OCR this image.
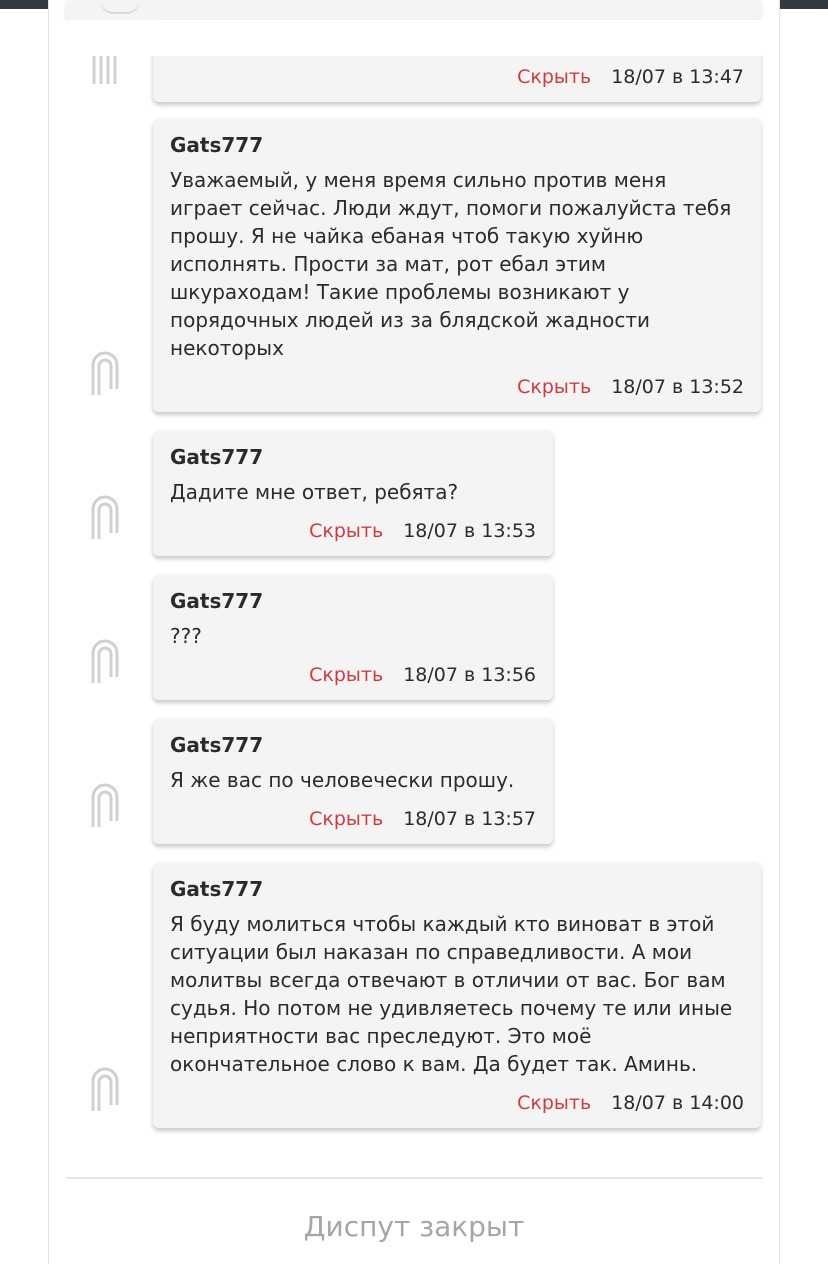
Скрыть 18/07 в 13:47
Gats777
Уважаемый, у меня время сильно против меня играет сейчас. Люди ждут, помоги пожалуйста тебя прошу. Я не чайка ебаная чтоб такую хуйню исполнять. Прости за мат, рот ебал этим шкураходам! Такие проблемы возникают у порядочных людей из за блядской жадности некоторых
Скрыть 18/07 в 13:52
Gats777
Дадите мне ответ, ребята?
Скрыть 18/07 в 13:53
Gats777
???
Скрыть 18/07 в 13:56
Gats777
Я же вас по человечески прошу.
Скрыть 18/07 в 13:57
Gats777
Я буду молиться чтобы каждый кто виноват в этой ситуации был наказан по справедливости. А мои молитвы всегда отвечают в отличии от вас. Бог вам судья. Но потом не удивляетесь почему те или иные неприятности вас преследуют. Это моё окончательное слово к вам. Да будет так. Аминь.
Скрыть 18/07 в 14:00
Диспут закрыт
